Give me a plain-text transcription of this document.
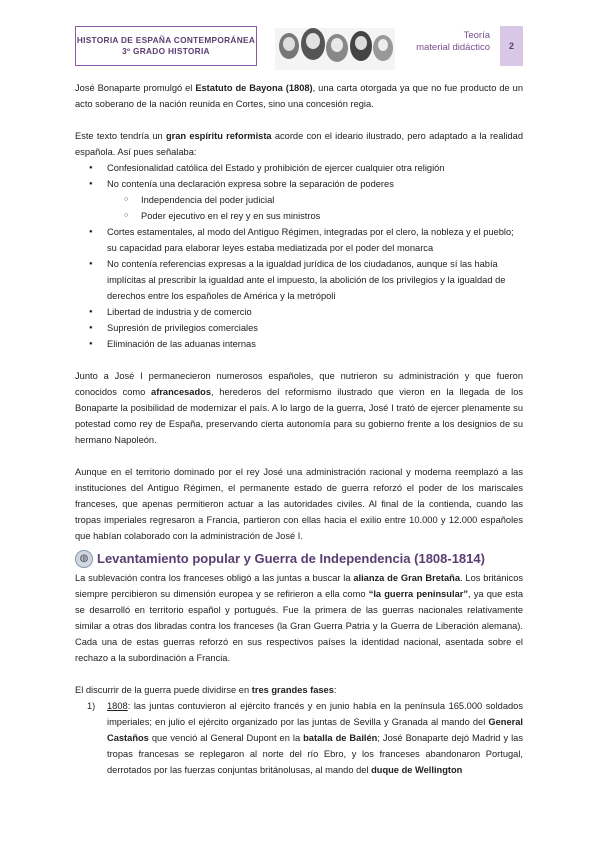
HISTORIA DE ESPAÑA CONTEMPORÁNEA
3º GRADO HISTORIA
Teoría
material didáctico	2

José Bonaparte promulgó el Estatuto de Bayona (1808), una carta otorgada ya que no fue producto de un acto soberano de la nación reunida en Cortes, sino una concesión regia.

Este texto tendría un gran espíritu reformista acorde con el ideario ilustrado, pero adaptado a la realidad española. Así pues señalaba:

● Confesionalidad católica del Estado y prohibición de ejercer cualquier otra religión
● No contenía una declaración expresa sobre la separación de poderes
○ Independencia del poder judicial
○ Poder ejecutivo en el rey y en sus ministros
● Cortes estamentales, al modo del Antiguo Régimen, integradas por el clero, la nobleza y el pueblo; su capacidad para elaborar leyes estaba mediatizada por el poder del monarca
● No contenía referencias expresas a la igualdad jurídica de los ciudadanos, aunque sí las había implícitas al prescribir la igualdad ante el impuesto, la abolición de los privilegios y la igualdad de derechos entre los españoles de América y la metrópoli
● Libertad de industria y de comercio
● Supresión de privilegios comerciales
● Eliminación de las aduanas internas

Junto a José I permanecieron numerosos españoles, que nutrieron su administración y que fueron conocidos como afrancesados, herederos del reformismo ilustrado que vieron en la llegada de los Bonaparte la posibilidad de modernizar el país. A lo largo de la guerra, José I trató de ejercer plenamente su potestad como rey de España, preservando cierta autonomía para su gobierno frente a los designios de su hermano Napoleón.

Aunque en el territorio dominado por el rey José una administración racional y moderna reemplazó a las instituciones del Antiguo Régimen, el permanente estado de guerra reforzó el poder de los mariscales franceses, que apenas permitieron actuar a las autoridades civiles. Al final de la contienda, cuando las tropas imperiales regresaron a Francia, partieron con ellas hacia el exilio entre 10.000 y 12.000 españoles que habían colaborado con la administración de José I.

◍ Levantamiento popular y Guerra de Independencia (1808-1814)

La sublevación contra los franceses obligó a las juntas a buscar la alianza de Gran Bretaña. Los británicos siempre percibieron su dimensión europea y se refirieron a ella como “la guerra peninsular”, ya que esta se desarrolló en territorio español y portugués. Fue la primera de las guerras nacionales relativamente similar a otras dos libradas contra los franceses (la Gran Guerra Patria y la Guerra de Liberación alemana). Cada una de estas guerras reforzó en sus respectivos países la identidad nacional, asentada sobre el rechazo a la subordinación a Francia.

El discurrir de la guerra puede dividirse en tres grandes fases:

1) 1808: las juntas contuvieron al ejército francés y en junio había en la península 165.000 soldados imperiales; en julio el ejército organizado por las juntas de Sevilla y Granada al mando del General Castaños que venció al General Dupont en la batalla de Bailén; José Bonaparte dejó Madrid y las tropas francesas se replegaron al norte del río Ebro, y los franceses abandonaron Portugal, derrotados por las fuerzas conjuntas británolusas, al mando del duque de Wellington
